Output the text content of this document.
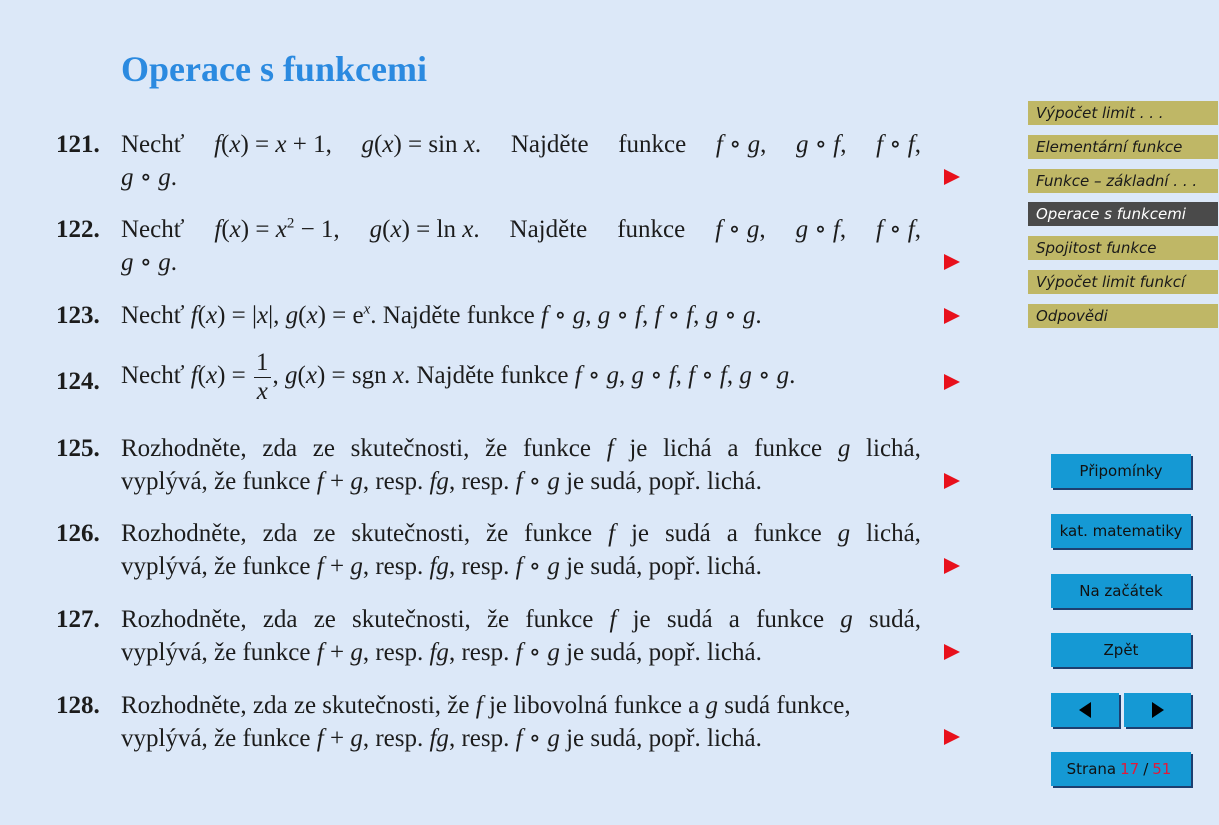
Operace s funkcemi
121. Nechť f(x) = x + 1, g(x) = sin x. Najděte funkce f ∘ g, g ∘ f, f ∘ f,
g ∘ g.
122. Nechť $f(x) = x^2 - 1$, g(x) = ln x. Najděte funkce f ∘ g, g ∘ f, f ∘ f,
g ∘ g.
123. Nechť f(x) = |x|, $g(x) = e^x$. Najděte funkce f ∘ g, g ∘ f, f ∘ f, g ∘ g.
124. Nechť $f(x) = \frac{1}{x}$ , g(x) = sgn x. Najděte funkce f ∘ g, g ∘ f, f ∘ f, g ∘ g.
125. Rozhodněte, zda ze skutečnosti, že funkce f je lichá a funkce g lichá,
vyplývá, že funkce f + g, resp. fg, resp. f ∘ g je sudá, popř. lichá.
126. Rozhodněte, zda ze skutečnosti, že funkce f je sudá a funkce g lichá,
vyplývá, že funkce f + g, resp. fg, resp. f ∘ g je sudá, popř. lichá.
127. Rozhodněte, zda ze skutečnosti, že funkce f je sudá a funkce g sudá,
vyplývá, že funkce f + g, resp. fg, resp. f ∘ g je sudá, popř. lichá.
128. Rozhodněte, zda ze skutečnosti, že f je libovolná funkce a g sudá funkce,
vyplývá, že funkce f + g, resp. fg, resp. f ∘ g je sudá, popř. lichá.
Výpočet limit . . .
Elementární funkce
Funkce – základní . . .
Operace s funkcemi
Spojitost funkce
Výpočet limit funkcí
Odpovědi
Připomínky
kat. matematiky
Na začátek
Zpět
Strana 17 / 51
